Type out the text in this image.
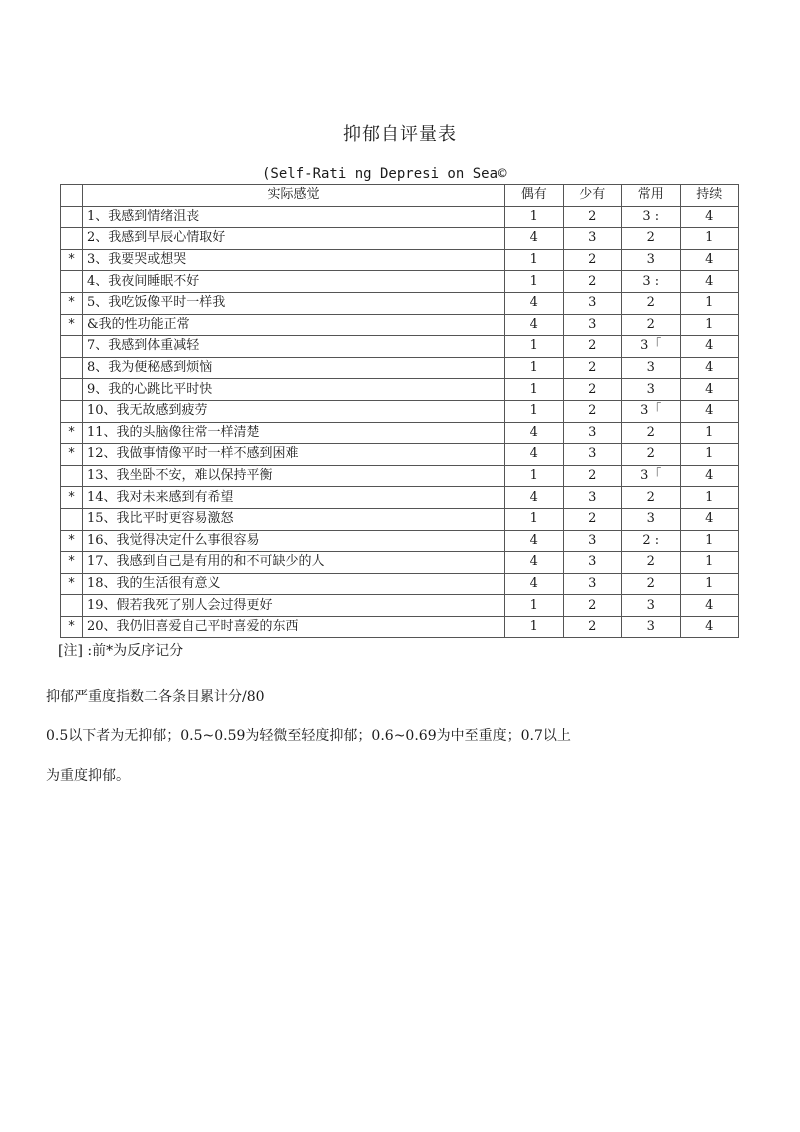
抑郁自评量表
(Self-Rati ng Depresi on Sea©
	实际感觉	偶有	少有	常用	持续
	1、我感到情绪沮丧	1	2	3 :	4
	2、我感到早辰心情取好	4	3	2	1
*	3、我要哭或想哭	1	2	3	4
	4、我夜间睡眠不好	1	2	3 :	4
*	5、我吃饭像平时一样我	4	3	2	1
*	&我的性功能正常	4	3	2	1
	7、我感到体重减轻	1	2	3「	4
	8、我为便秘感到烦恼	1	2	3	4
	9、我的心跳比平时快	1	2	3	4
	10、我无故感到疲劳	1	2	3「	4
*	11、我的头脑像往常一样清楚	4	3	2	1
*	12、我做事情像平时一样不感到困难	4	3	2	1
	13、我坐卧不安，难以保持平衡	1	2	3「	4
*	14、我对未来感到有希望	4	3	2	1
	15、我比平时更容易激怒	1	2	3	4
*	16、我觉得决定什么事很容易	4	3	2 :	1
*	17、我感到自己是有用的和不可缺少的人	4	3	2	1
*	18、我的生活很有意义	4	3	2	1
	19、假若我死了别人会过得更好	1	2	3	4
*	20、我仍旧喜爱自己平时喜爱的东西	1	2	3	4
[注] :前*为反序记分
抑郁严重度指数二各条目累计分/80
0.5以下者为无抑郁；0.5~0.59为轻微至轻度抑郁；0.6~0.69为中至重度；0.7以上
为重度抑郁。
